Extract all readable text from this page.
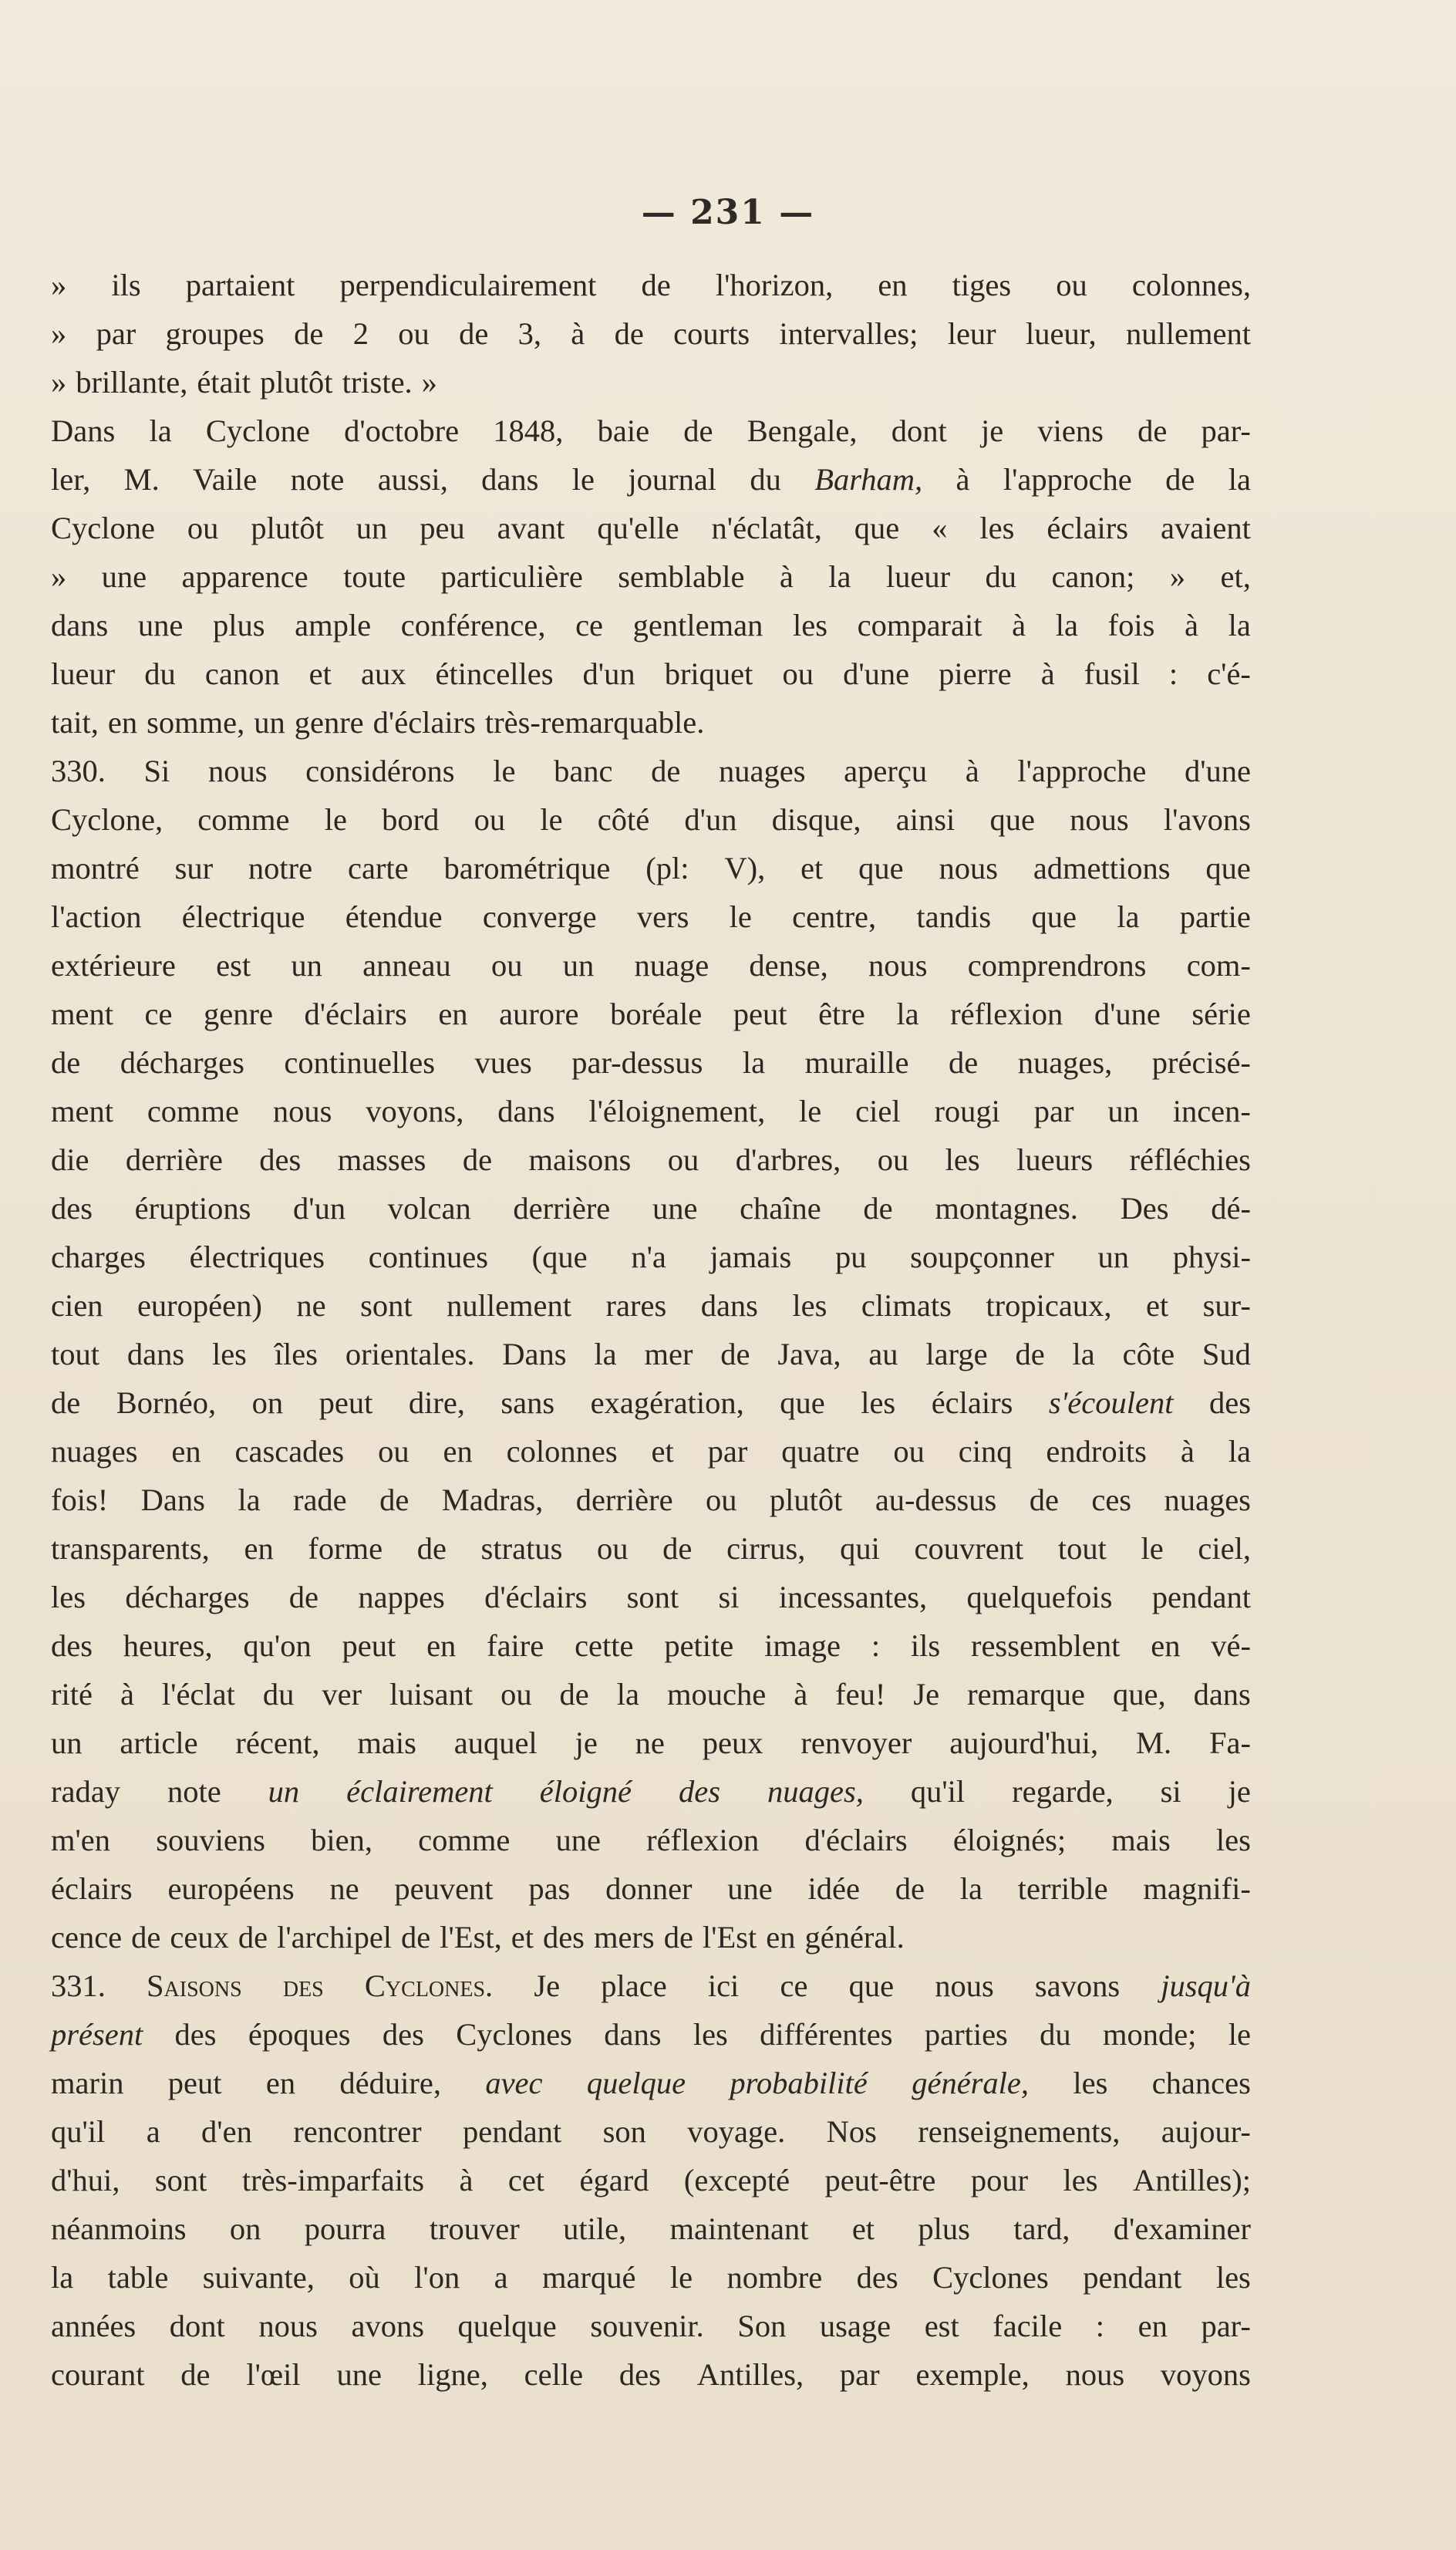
— 231 —
» ils partaient perpendiculairement de l'horizon, en tiges ou colonnes,
» par groupes de 2 ou de 3, à de courts intervalles; leur lueur, nullement
» brillante, était plutôt triste. »
Dans la Cyclone d'octobre 1848, baie de Bengale, dont je viens de par-
ler, M. Vaile note aussi, dans le journal du Barham, à l'approche de la
Cyclone ou plutôt un peu avant qu'elle n'éclatât, que « les éclairs avaient
» une apparence toute particulière semblable à la lueur du canon; » et,
dans une plus ample conférence, ce gentleman les comparait à la fois à la
lueur du canon et aux étincelles d'un briquet ou d'une pierre à fusil : c'é-
tait, en somme, un genre d'éclairs très-remarquable.
330. Si nous considérons le banc de nuages aperçu à l'approche d'une
Cyclone, comme le bord ou le côté d'un disque, ainsi que nous l'avons
montré sur notre carte barométrique (pl: V), et que nous admettions que
l'action électrique étendue converge vers le centre, tandis que la partie
extérieure est un anneau ou un nuage dense, nous comprendrons com-
ment ce genre d'éclairs en aurore boréale peut être la réflexion d'une série
de décharges continuelles vues par-dessus la muraille de nuages, précisé-
ment comme nous voyons, dans l'éloignement, le ciel rougi par un incen-
die derrière des masses de maisons ou d'arbres, ou les lueurs réfléchies
des éruptions d'un volcan derrière une chaîne de montagnes. Des dé-
charges électriques continues (que n'a jamais pu soupçonner un physi-
cien européen) ne sont nullement rares dans les climats tropicaux, et sur-
tout dans les îles orientales. Dans la mer de Java, au large de la côte Sud
de Bornéo, on peut dire, sans exagération, que les éclairs s'écoulent des
nuages en cascades ou en colonnes et par quatre ou cinq endroits à la
fois! Dans la rade de Madras, derrière ou plutôt au-dessus de ces nuages
transparents, en forme de stratus ou de cirrus, qui couvrent tout le ciel,
les décharges de nappes d'éclairs sont si incessantes, quelquefois pendant
des heures, qu'on peut en faire cette petite image : ils ressemblent en vé-
rité à l'éclat du ver luisant ou de la mouche à feu! Je remarque que, dans
un article récent, mais auquel je ne peux renvoyer aujourd'hui, M. Fa-
raday note un éclairement éloigné des nuages, qu'il regarde, si je
m'en souviens bien, comme une réflexion d'éclairs éloignés; mais les
éclairs européens ne peuvent pas donner une idée de la terrible magnifi-
cence de ceux de l'archipel de l'Est, et des mers de l'Est en général.
331. Saisons des Cyclones. Je place ici ce que nous savons jusqu'à
présent des époques des Cyclones dans les différentes parties du monde; le
marin peut en déduire, avec quelque probabilité générale, les chances
qu'il a d'en rencontrer pendant son voyage. Nos renseignements, aujour-
d'hui, sont très-imparfaits à cet égard (excepté peut-être pour les Antilles);
néanmoins on pourra trouver utile, maintenant et plus tard, d'examiner
la table suivante, où l'on a marqué le nombre des Cyclones pendant les
années dont nous avons quelque souvenir. Son usage est facile : en par-
courant de l'œil une ligne, celle des Antilles, par exemple, nous voyons
